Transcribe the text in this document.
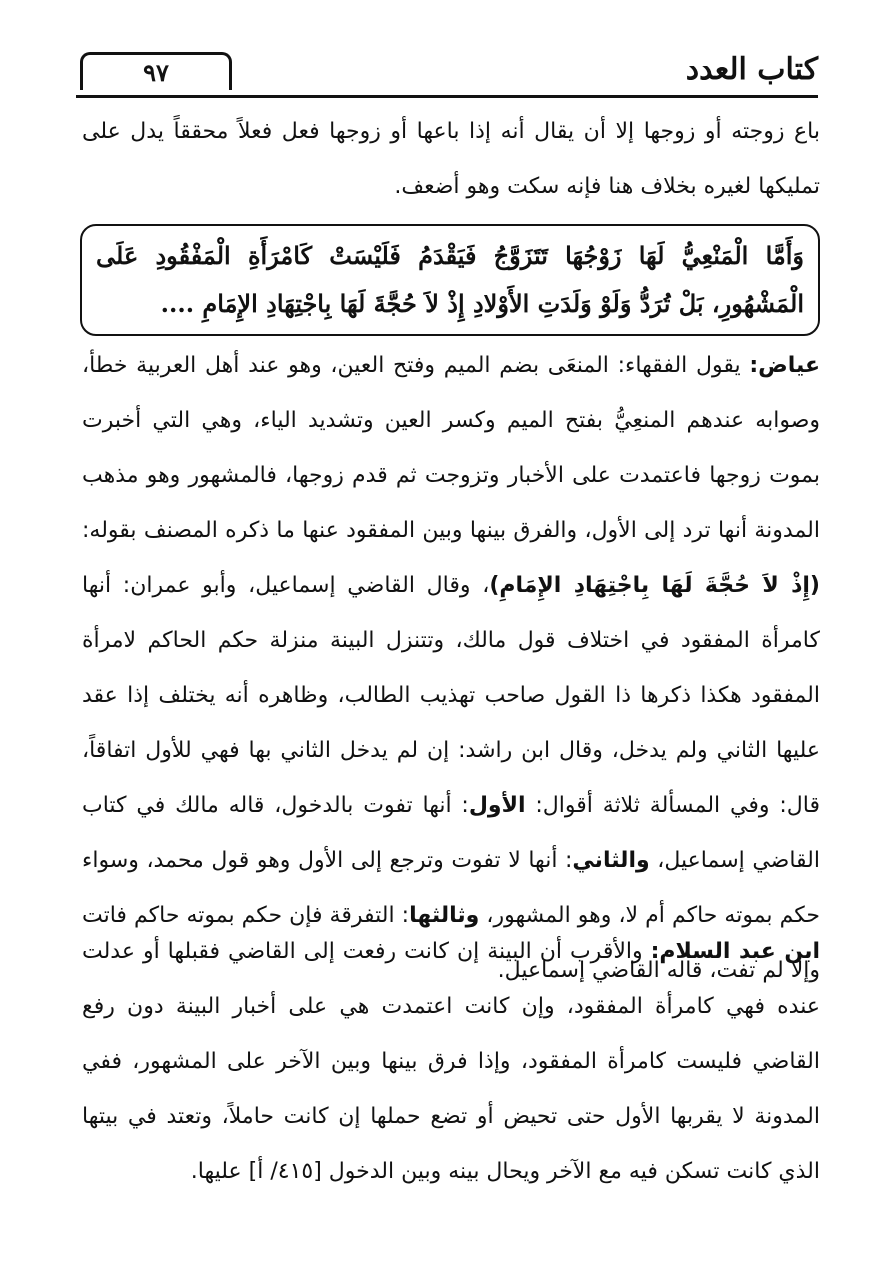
٩٧	كتاب العدد
باع زوجته أو زوجها إلا أن يقال أنه إذا باعها أو زوجها فعل فعلاً محققاً يدل على تمليكها لغيره بخلاف هنا فإنه سكت وهو أضعف.
وَأَمَّا الْمَنْعِيُّ لَهَا زَوْجُهَا تَتَزَوَّجُ فَيَقْدَمُ فَلَيْسَتْ كَامْرَأَةِ الْمَفْقُودِ عَلَى الْمَشْهُورِ، بَلْ تُرَدُّ وَلَوْ وَلَدَتِ الأَوْلادِ إِذْ لاَ حُجَّةَ لَهَا بِاجْتِهَادِ الإِمَامِ ....
عياض: يقول الفقهاء: المنعَى بضم الميم وفتح العين، وهو عند أهل العربية خطأ، وصوابه عندهم المنعِيُّ بفتح الميم وكسر العين وتشديد الياء، وهي التي أخبرت بموت زوجها فاعتمدت على الأخبار وتزوجت ثم قدم زوجها، فالمشهور وهو مذهب المدونة أنها ترد إلى الأول، والفرق بينها وبين المفقود عنها ما ذكره المصنف بقوله: (إِذْ لاَ حُجَّةَ لَهَا بِاجْتِهَادِ الإِمَامِ)، وقال القاضي إسماعيل، وأبو عمران: أنها كامرأة المفقود في اختلاف قول مالك، وتتنزل البينة منزلة حكم الحاكم لامرأة المفقود هكذا ذكرها ذا القول صاحب تهذيب الطالب، وظاهره أنه يختلف إذا عقد عليها الثاني ولم يدخل، وقال ابن راشد: إن لم يدخل الثاني بها فهي للأول اتفاقاً، قال: وفي المسألة ثلاثة أقوال: الأول: أنها تفوت بالدخول، قاله مالك في كتاب القاضي إسماعيل، والثاني: أنها لا تفوت وترجع إلى الأول وهو قول محمد، وسواء حكم بموته حاكم أم لا، وهو المشهور، وثالثها: التفرقة فإن حكم بموته حاكم فاتت وإلا لم تفت، قاله القاضي إسماعيل.
ابن عبد السلام: والأقرب أن البينة إن كانت رفعت إلى القاضي فقبلها أو عدلت عنده فهي كامرأة المفقود، وإن كانت اعتمدت هي على أخبار البينة دون رفع القاضي فليست كامرأة المفقود، وإذا فرق بينها وبين الآخر على المشهور، ففي المدونة لا يقربها الأول حتى تحيض أو تضع حملها إن كانت حاملاً، وتعتد في بيتها الذي كانت تسكن فيه مع الآخر ويحال بينه وبين الدخول [٤١٥/ أ] عليها.
